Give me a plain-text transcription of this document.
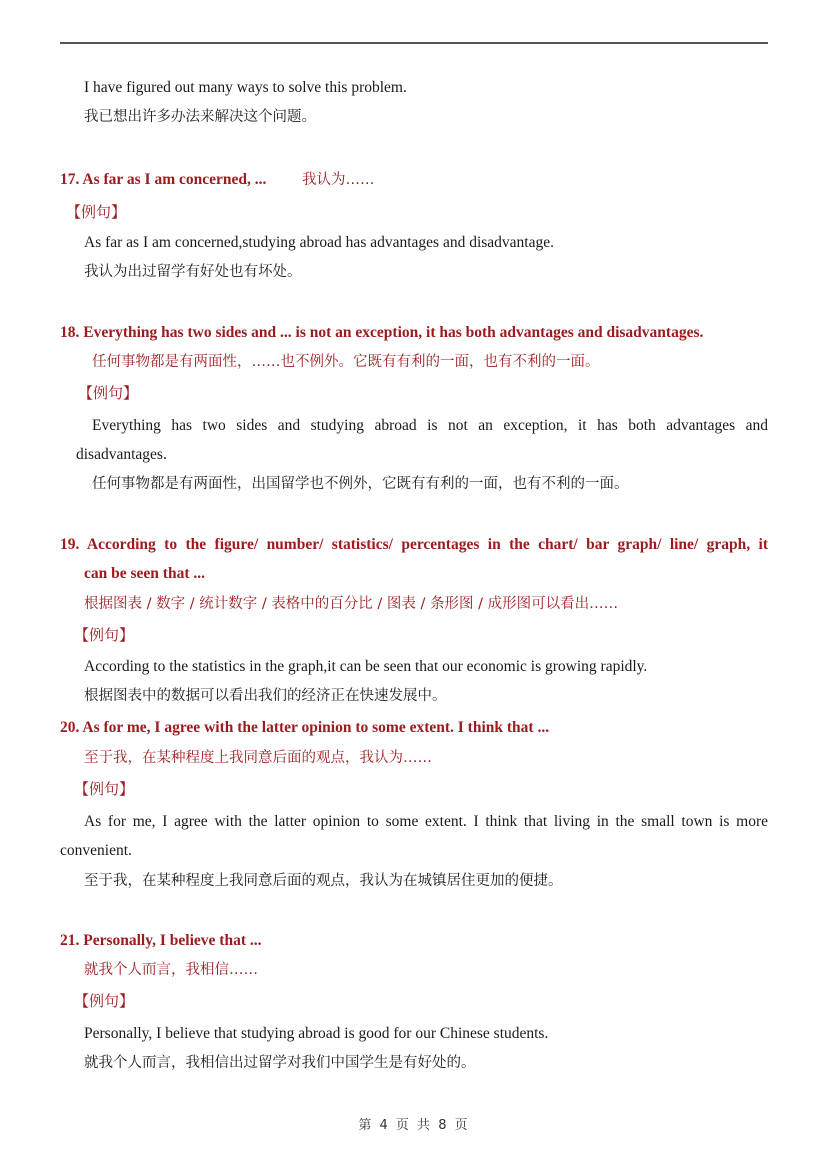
I have figured out many ways to solve this problem.
我已想出许多办法来解决这个问题。
17. As far as I am concerned, ... 我认为……
【例句】
As far as I am concerned,studying abroad has advantages and disadvantage.
我认为出过留学有好处也有坏处。
18. Everything has two sides and ... is not an exception, it has both advantages and disadvantages.
任何事物都是有两面性，……也不例外。它既有有利的一面，也有不利的一面。
【例句】
Everything has two sides and studying abroad is not an exception, it has both advantages and
disadvantages.
任何事物都是有两面性，出国留学也不例外，它既有有利的一面，也有不利的一面。
19. According to the figure/ number/ statistics/ percentages in the chart/ bar graph/ line/ graph, it
can be seen that ...
根据图表 / 数字 / 统计数字 / 表格中的百分比 / 图表 / 条形图 / 成形图可以看出……
【例句】
According to the statistics in the graph,it can be seen that our economic is growing rapidly.
根据图表中的数据可以看出我们的经济正在快速发展中。
20. As for me, I agree with the latter opinion to some extent. I think that ...
至于我，在某种程度上我同意后面的观点，我认为……
【例句】
As for me, I agree with the latter opinion to some extent. I think that living in the small town is more
convenient.
至于我，在某种程度上我同意后面的观点，我认为在城镇居住更加的便捷。
21. Personally, I believe that ...
就我个人而言，我相信……
【例句】
Personally, I believe that studying abroad is good for our Chinese students.
就我个人而言，我相信出过留学对我们中国学生是有好处的。
第 4 页 共 8 页
